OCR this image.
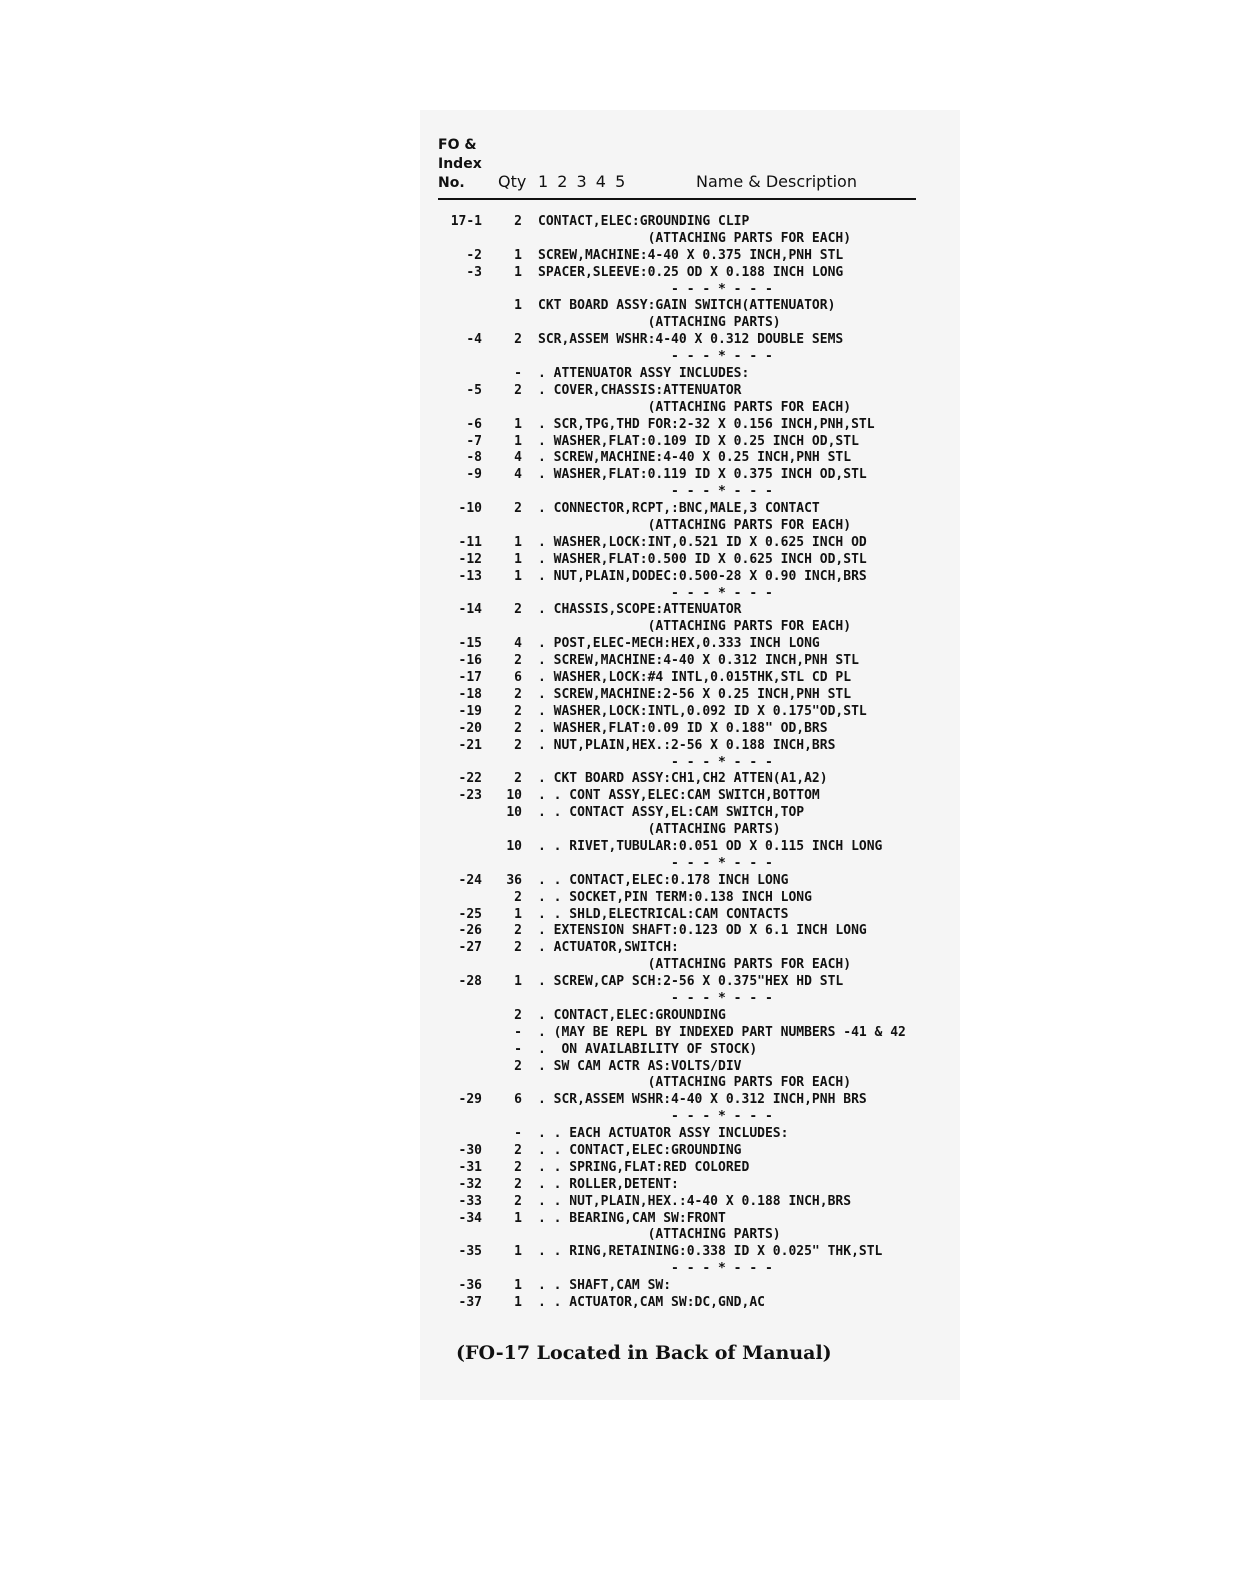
FO &
Index
No.	Qty 1 2 3 4 5	Name & Description
17-1	2 CONTACT,ELEC:GROUNDING CLIP
(ATTACHING PARTS FOR EACH)
-2	1 SCREW,MACHINE:4-40 X 0.375 INCH,PNH STL
-3	1 SPACER,SLEEVE:0.25 OD X 0.188 INCH LONG
- - - * - - -
1 CKT BOARD ASSY:GAIN SWITCH(ATTENUATOR)
(ATTACHING PARTS)
-4	2 SCR,ASSEM WSHR:4-40 X 0.312 DOUBLE SEMS
- - - * - - -
- . ATTENUATOR ASSY INCLUDES:
-5	2 . COVER,CHASSIS:ATTENUATOR
(ATTACHING PARTS FOR EACH)
-6	1 . SCR,TPG,THD FOR:2-32 X 0.156 INCH,PNH,STL
-7	1 . WASHER,FLAT:0.109 ID X 0.25 INCH OD,STL
-8	4 . SCREW,MACHINE:4-40 X 0.25 INCH,PNH STL
-9	4 . WASHER,FLAT:0.119 ID X 0.375 INCH OD,STL
- - - * - - -
-10	2 . CONNECTOR,RCPT,:BNC,MALE,3 CONTACT
(ATTACHING PARTS FOR EACH)
-11	1 . WASHER,LOCK:INT,0.521 ID X 0.625 INCH OD
-12	1 . WASHER,FLAT:0.500 ID X 0.625 INCH OD,STL
-13	1 . NUT,PLAIN,DODEC:0.500-28 X 0.90 INCH,BRS
- - - * - - -
-14	2 . CHASSIS,SCOPE:ATTENUATOR
(ATTACHING PARTS FOR EACH)
-15	4 . POST,ELEC-MECH:HEX,0.333 INCH LONG
-16	2 . SCREW,MACHINE:4-40 X 0.312 INCH,PNH STL
-17	6 . WASHER,LOCK:#4 INTL,0.015THK,STL CD PL
-18	2 . SCREW,MACHINE:2-56 X 0.25 INCH,PNH STL
-19	2 . WASHER,LOCK:INTL,0.092 ID X 0.175"OD,STL
-20	2 . WASHER,FLAT:0.09 ID X 0.188" OD,BRS
-21	2 . NUT,PLAIN,HEX.:2-56 X 0.188 INCH,BRS
- - - * - - -
-22	2 . CKT BOARD ASSY:CH1,CH2 ATTEN(A1,A2)
-23	10 . . CONT ASSY,ELEC:CAM SWITCH,BOTTOM
10 . . CONTACT ASSY,EL:CAM SWITCH,TOP
(ATTACHING PARTS)
10 . . RIVET,TUBULAR:0.051 OD X 0.115 INCH LONG
- - - * - - -
-24	36 . . CONTACT,ELEC:0.178 INCH LONG
2 . . SOCKET,PIN TERM:0.138 INCH LONG
-25	1 . . SHLD,ELECTRICAL:CAM CONTACTS
-26	2 . EXTENSION SHAFT:0.123 OD X 6.1 INCH LONG
-27	2 . ACTUATOR,SWITCH:
(ATTACHING PARTS FOR EACH)
-28	1 . SCREW,CAP SCH:2-56 X 0.375"HEX HD STL
- - - * - - -
2 . CONTACT,ELEC:GROUNDING
- . (MAY BE REPL BY INDEXED PART NUMBERS -41 & 42
- .  ON AVAILABILITY OF STOCK)
2 . SW CAM ACTR AS:VOLTS/DIV
(ATTACHING PARTS FOR EACH)
-29	6 . SCR,ASSEM WSHR:4-40 X 0.312 INCH,PNH BRS
- - - * - - -
- . . EACH ACTUATOR ASSY INCLUDES:
-30	2 . . CONTACT,ELEC:GROUNDING
-31	2 . . SPRING,FLAT:RED COLORED
-32	2 . . ROLLER,DETENT:
-33	2 . . NUT,PLAIN,HEX.:4-40 X 0.188 INCH,BRS
-34	1 . . BEARING,CAM SW:FRONT
(ATTACHING PARTS)
-35	1 . . RING,RETAINING:0.338 ID X 0.025" THK,STL
- - - * - - -
-36	1 . . SHAFT,CAM SW:
-37	1 . . ACTUATOR,CAM SW:DC,GND,AC
(FO-17 Located in Back of Manual)
